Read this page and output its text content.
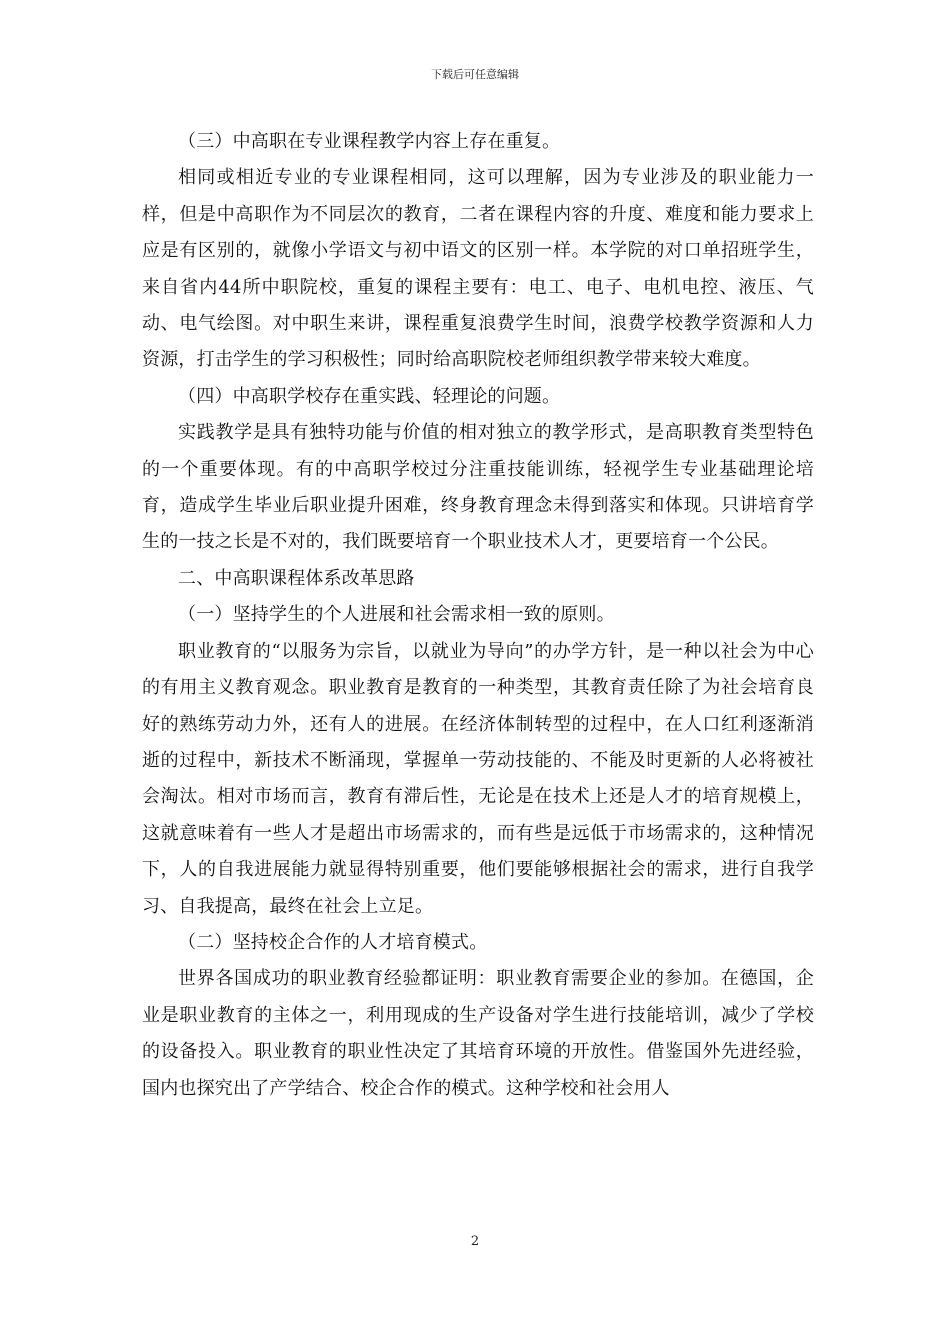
下载后可任意编辑

（三）中高职在专业课程教学内容上存在重复。

相同或相近专业的专业课程相同，这可以理解，因为专业涉及的职业能力一样，但是中高职作为不同层次的教育，二者在课程内容的升度、难度和能力要求上应是有区别的，就像小学语文与初中语文的区别一样。本学院的对口单招班学生，来自省内44所中职院校，重复的课程主要有：电工、电子、电机电控、液压、气动、电气绘图。对中职生来讲，课程重复浪费学生时间，浪费学校教学资源和人力资源，打击学生的学习积极性；同时给高职院校老师组织教学带来较大难度。

（四）中高职学校存在重实践、轻理论的问题。

实践教学是具有独特功能与价值的相对独立的教学形式，是高职教育类型特色的一个重要体现。有的中高职学校过分注重技能训练，轻视学生专业基础理论培育，造成学生毕业后职业提升困难，终身教育理念未得到落实和体现。只讲培育学生的一技之长是不对的，我们既要培育一个职业技术人才，更要培育一个公民。

二、中高职课程体系改革思路

（一）坚持学生的个人进展和社会需求相一致的原则。

职业教育的“以服务为宗旨，以就业为导向”的办学方针，是一种以社会为中心的有用主义教育观念。职业教育是教育的一种类型，其教育责任除了为社会培育良好的熟练劳动力外，还有人的进展。在经济体制转型的过程中，在人口红利逐渐消逝的过程中，新技术不断涌现，掌握单一劳动技能的、不能及时更新的人必将被社会淘汰。相对市场而言，教育有滞后性，无论是在技术上还是人才的培育规模上，这就意味着有一些人才是超出市场需求的，而有些是远低于市场需求的，这种情况下，人的自我进展能力就显得特别重要，他们要能够根据社会的需求，进行自我学习、自我提高，最终在社会上立足。

（二）坚持校企合作的人才培育模式。

世界各国成功的职业教育经验都证明：职业教育需要企业的参加。在德国，企业是职业教育的主体之一，利用现成的生产设备对学生进行技能培训，减少了学校的设备投入。职业教育的职业性决定了其培育环境的开放性。借鉴国外先进经验，国内也探究出了产学结合、校企合作的模式。这种学校和社会用人

2
